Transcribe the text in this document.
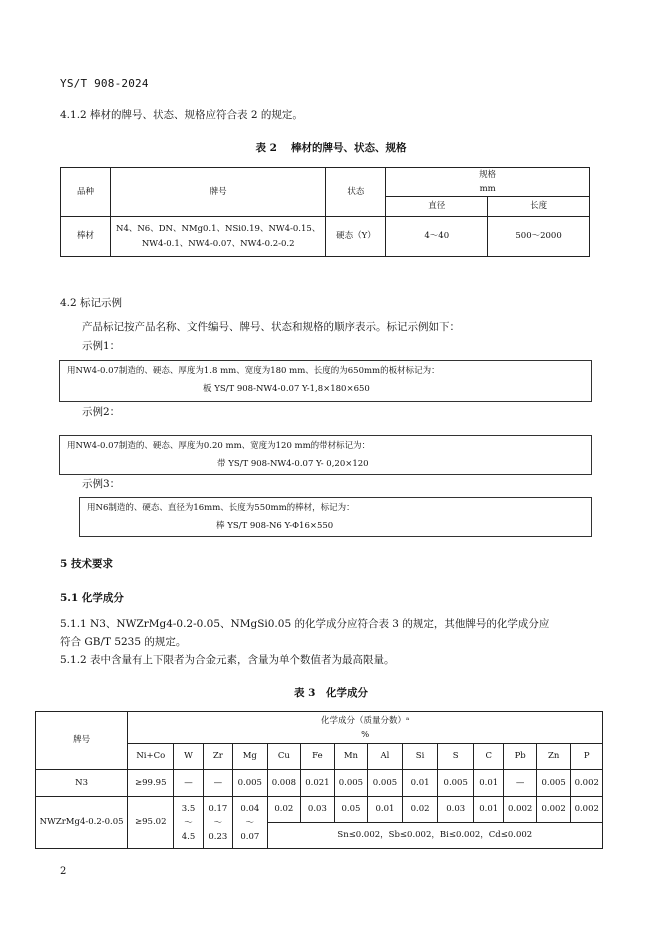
YS/T 908-2024
4.1.2 棒材的牌号、状态、规格应符合表 2 的规定。
表 2　 棒材的牌号、状态、规格
品种	牌号	状态	规格
mm	

			直径	长度
棒材	N4、N6、DN、NMg0.1、NSi0.19、NW4-0.15、
NW4-0.1、NW4-0.07、NW4-0.2-0.2	硬态（Y）	4～40	500～2000
4.2 标记示例
产品标记按产品名称、文件编号、牌号、状态和规格的顺序表示。标记示例如下：
示例1：
用NW4-0.07制造的、硬态、厚度为1.8 mm、宽度为180 mm、长度的为650mm的板材标记为：
板 YS/T 908-NW4-0.07 Y-1,8×180×650
示例2：
用NW4-0.07制造的、硬态、厚度为0.20 mm、宽度为120 mm的带材标记为：
带 YS/T 908-NW4-0.07 Y- 0,20×120
示例3：
用N6制造的、硬态、直径为16mm、长度为550mm的棒材，标记为：
棒 YS/T 908-N6 Y-Φ16×550
5 技术要求
5.1 化学成分
5.1.1 N3、NWZrMg4-0.2-0.05、NMgSi0.05 的化学成分应符合表 3 的规定，其他牌号的化学成分应
符合 GB/T 5235 的规定。
5.1.2 表中含量有上下限者为合金元素，含量为单个数值者为最高限量。
表 3　化学成分
牌号	化学成分（质量分数）ᵃ
%													

	Ni+Co	W	Zr	Mg	Cu	Fe	Mn	Al	Si	S	C	Pb	Zn	P
N3	≥99.95	—	—	0.005	0.008	0.021	0.005	0.005	0.01	0.005	0.01	—	0.005	0.002
NWZrMg4-0.2-0.05	≥95.02	3.5
～
4.5	0.17
～
0.23	0.04
～
0.07	0.02	0.03	0.05	0.01	0.02	0.03	0.01	0.002	0.002	0.002
					Sn≤0.002，Sb≤0.002，Bi≤0.002，Cd≤0.002									
2
